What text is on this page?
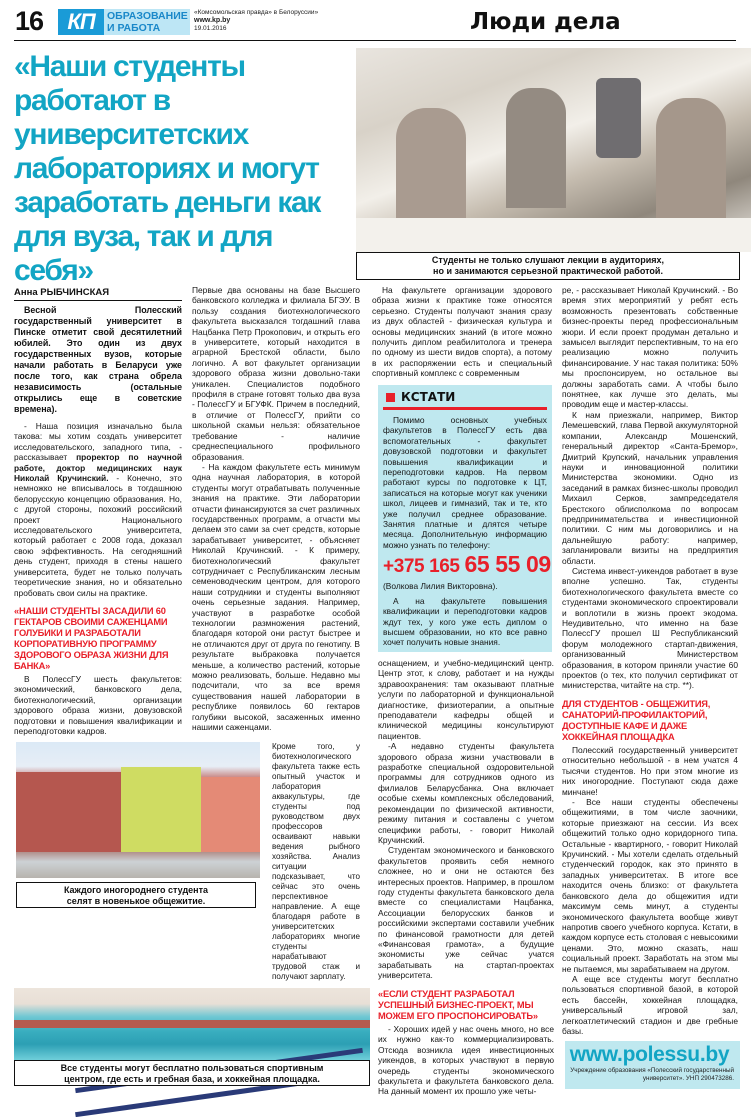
16	КП	ОБРАЗОВАНИЕ
И РАБОТА
«Комсомольская правда» в Белоруссии»
www.kp.by
19.01.2016	Люди дела
«Наши студенты работают в университетских лабораториях и могут заработать деньги как для вуза, так и для себя»	Студенты не только слушают лекции в аудиториях,
но и занимаются серьезной практической работой.
Анна РЫБЧИНСКАЯ

Весной Полесский государственный университет в Пинске отметит свой десятилетний юбилей. Это один из двух государственных вузов, которые начали работать в Беларуси уже после того, как страна обрела независимость (остальные открылись еще в советские времена).

- Наша позиция изначально была такова: мы хотим создать университет исследовательского, западного типа, - рассказывает проректор по научной работе, доктор медицинских наук Николай Кручинский. - Конечно, это немножко не вписывалось в тогдашнюю белорусскую концепцию образования. Но, с другой стороны, похожий российский проект Национального исследовательского университета, который работает с 2008 года, доказал свою эффективность. На сегодняшний день студент, приходя в стены нашего университета, будет не только получать теоретические знания, но и обязательно пробовать свои силы на практике.

«НАШИ СТУДЕНТЫ ЗАСАДИЛИ 60 ГЕКТАРОВ СВОИМИ САЖЕНЦАМИ ГОЛУБИКИ И РАЗРАБОТАЛИ КОРПОРАТИВНУЮ ПРОГРАММУ ЗДОРОВОГО ОБРАЗА ЖИЗНИ ДЛЯ БАНКА»

В ПолессГУ шесть факультетов: экономический, банковского дела, биотехнологический, организации здорового образа жизни, довузовской подготовки и повышения квалификации и переподготовки кадров.

Первые два основаны на базе Высшего банковского колледжа и филиала БГЭУ. В пользу создания биотехнологического факультета высказался тогдашний глава Нацбанка Петр Прокопович, и открыть его в университете, который находится в аграрной Брестской области, было логично. А вот факультет организации здорового образа жизни довольно-таки уникален. Специалистов подобного профиля в стране готовят только два вуза - ПолессГУ и БГУФК. Причем в последний, в отличие от ПолессГУ, прийти со школьной скамьи нельзя: обязательное требование - наличие среднеспециального профильного образования.

- На каждом факультете есть минимум одна научная лаборатория, в которой студенты могут отрабатывать полученные знания на практике. Эти лаборатории отчасти финансируются за счет различных государственных программ, а отчасти мы делаем это сами за счет средств, которые зарабатывает университет, - объясняет Николай Кручинский. - К примеру, биотехнологический факультет сотрудничает с Республиканским лесным семеноводческим центром, для которого наши сотрудники и студенты выполняют очень серьезные задания. Например, участвуют в разработке особой технологии размножения растений, благодаря которой они растут быстрее и не отличаются друг от друга по генотипу. В результате выбраковка получается меньше, а количество растений, которые можно реализовать, больше. Недавно мы подсчитали, что за все время существования нашей лаборатории в республике появилось 60 гектаров голубики высокой, засаженных именно нашими саженцами.

Кроме того, у биотехнологического факультета также есть опытный участок и лаборатория аквакультуры, где студенты под руководством двух профессоров осваивают навыки ведения рыбного хозяйства. Анализ ситуации подсказывает, что сейчас это очень перспективное направление. А еще благодаря работе в университетских лабораториях многие студенты нарабатывают трудовой стаж и получают зарплату.

Каждого иногороднего студента
селят в новенькое общежитие.
Все студенты могут бесплатно пользоваться спортивным
центром, где есть и гребная база, и хоккейная площадка.

На факультете организации здорового образа жизни к практике тоже относятся серьезно. Студенты получают знания сразу из двух областей - физическая культура и основы медицинских знаний (в итоге можно получить диплом реабилитолога и тренера по одному из шести видов спорта), а потому в их распоряжении есть и специальный спортивный комплекс с современным

КСТАТИ

Помимо основных учебных факультетов в ПолессГУ есть два вспомогательных - факультет довузовской подготовки и факультет повышения квалификации и переподготовки кадров. На первом работают курсы по подготовке к ЦТ, записаться на которые могут как ученики школ, лицеев и гимназий, так и те, кто уже получил среднее образование. Занятия платные и длятся четыре месяца. Дополнительную информацию можно узнать по телефону:

+375 165 65 55 09
(Волкова Лилия Викторовна).

А на факультете повышения квалификации и переподготовки кадров ждут тех, у кого уже есть диплом о высшем образовании, но кто все равно хочет получить новые знания.

оснащением, и учебно-медицинский центр. Центр этот, к слову, работает и на нужды здравоохранения: там оказывают платные услуги по лабораторной и функциональной диагностике, физиотерапии, а опытные преподаватели кафедры общей и клинической медицины консультируют пациентов.

-А недавно студенты факультета здорового образа жизни участвовали в разработке специальной оздоровительной программы для сотрудников одного из филиалов Беларусбанка. Она включает особые схемы комплексных обследований, рекомендации по физической активности, режиму питания и составлены с учетом специфики работы, - говорит Николай Кручинский.

Студентам экономического и банковского факультетов проявить себя немного сложнее, но и они не остаются без интересных проектов. Например, в прошлом году студенты факультета банковского дела вместе со специалистами Нацбанка, Ассоциации белорусских банков и российскими экспертами составили учебник по финансовой грамотности для детей «Финансовая грамота», а будущие экономисты уже сейчас учатся зарабатывать на стартап-проектах университета.

«ЕСЛИ СТУДЕНТ РАЗРАБОТАЛ УСПЕШНЫЙ БИЗНЕС-ПРОЕКТ, МЫ МОЖЕМ ЕГО ПРОСПОНСИРОВАТЬ»

- Хороших идей у нас очень много, но все их нужно как-то коммерциализировать. Отсюда возникла идея инвестиционных уикендов, в которых участвуют в первую очередь студенты экономического факультета и факультета банковского дела. На данный момент их прошло уже четы-

ре, - рассказывает Николай Кручинский. - Во время этих мероприятий у ребят есть возможность презентовать собственные бизнес-проекты перед профессиональным жюри. И если проект продуман детально и замысел выглядит перспективным, то на его реализацию можно получить финансирование. У нас такая политика: 50% мы проспонсируем, но остальное вы должны заработать сами. А чтобы было понятнее, как лучше это делать, мы проводим еще и мастер-классы.

К нам приезжали, например, Виктор Лемешевский, глава Первой аккумуляторной компании, Александр Мошенский, генеральный директор «Санта-Бремор», Дмитрий Крупский, начальник управления науки и инновационной политики Министерства экономики. Одно из заседаний в рамках бизнес-школы проводил Михаил Серков, зампредседателя Брестского облисполкома по вопросам предпринимательства и инвестиционной политики. С ним мы договорились и на дальнейшую работу: например, запланировали визиты на предприятия области.

Система инвест-уикендов работает в вузе вполне успешно. Так, студенты биотехнологического факультета вместе со студентами экономического спроектировали и воплотили в жизнь проект экодома. Неудивительно, что именно на базе ПолессГУ прошел Ш Республиканский форум молодежного стартап-движения, организованный Министерством образования, в котором приняли участие 60 проектов (о тех, кто получил сертификат от министерства, читайте на стр. **).

ДЛЯ СТУДЕНТОВ - ОБЩЕЖИТИЯ, САНАТОРИЙ-ПРОФИЛАКТОРИЙ, ДОСТУПНЫЕ КАФЕ И ДАЖЕ ХОККЕЙНАЯ ПЛОЩАДКА

Полесский государственный университет относительно небольшой - в нем учатся 4 тысячи студентов. Но при этом многие из них иногородние. Поступают сюда даже минчане!

- Все наши студенты обеспечены общежитиями, в том числе заочники, которые приезжают на сессии. Из всех общежитий только одно коридорного типа. Остальные - квартирного, - говорит Николай Кручинский. - Мы хотели сделать отдельный студенческий городок, как это принято в западных университетах. В итоге все находится очень близко: от факультета банковского дела до общежития идти максимум семь минут, а студенты экономического факультета вообще живут напротив своего учебного корпуса. Кстати, в каждом корпусе есть столовая с невысокими ценами. Это, можно сказать, наш социальный проект. Заработать на этом мы не пытаемся, мы зарабатываем на другом.

А еще все студенты могут бесплатно пользоваться спортивной базой, в которой есть бассейн, хоккейная площадка, универсальный игровой зал, легкоатлетический стадион и две гребные базы.

www.polessu.by
Учреждение образования «Полесский государственный университет». УНП 290473286.
